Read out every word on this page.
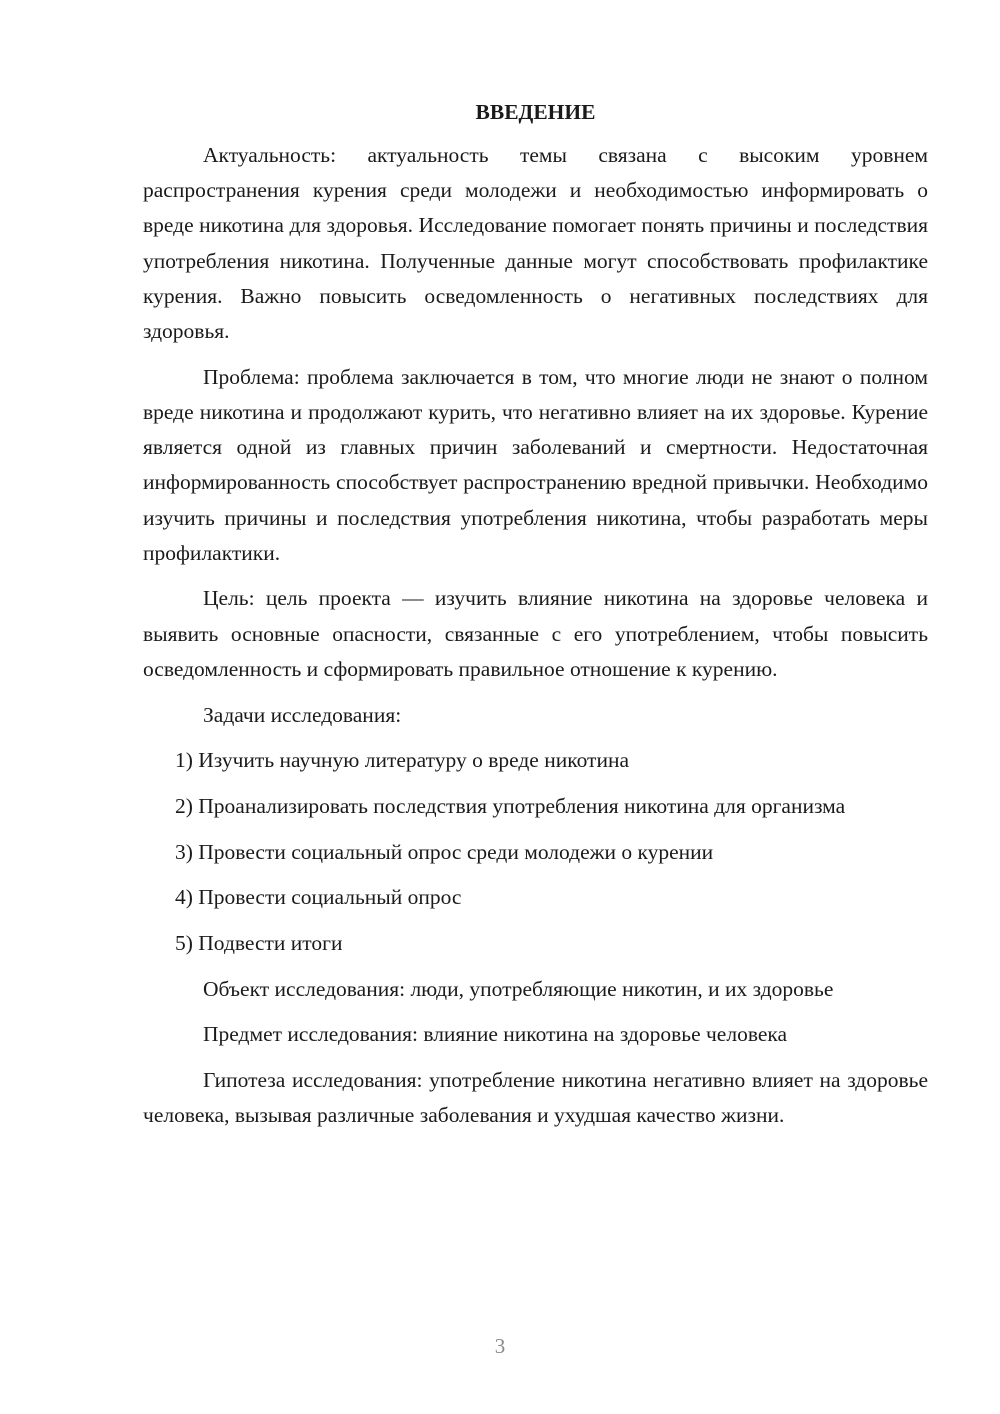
ВВЕДЕНИЕ

Актуальность: актуальность темы связана с высоким уровнем распространения курения среди молодежи и необходимостью информировать о вреде никотина для здоровья. Исследование помогает понять причины и последствия употребления никотина. Полученные данные могут способствовать профилактике курения. Важно повысить осведомленность о негативных последствиях для здоровья.

Проблема: проблема заключается в том, что многие люди не знают о полном вреде никотина и продолжают курить, что негативно влияет на их здоровье. Курение является одной из главных причин заболеваний и смертности. Недостаточная информированность способствует распространению вредной привычки. Необходимо изучить причины и последствия употребления никотина, чтобы разработать меры профилактики.

Цель: цель проекта — изучить влияние никотина на здоровье человека и выявить основные опасности, связанные с его употреблением, чтобы повысить осведомленность и сформировать правильное отношение к курению.

Задачи исследования:

1) Изучить научную литературу о вреде никотина

2) Проанализировать последствия употребления никотина для организма

3) Провести социальный опрос среди молодежи о курении

4) Провести социальный опрос

5) Подвести итоги

Объект исследования: люди, употребляющие никотин, и их здоровье

Предмет исследования: влияние никотина на здоровье человека

Гипотеза исследования: употребление никотина негативно влияет на здоровье человека, вызывая различные заболевания и ухудшая качество жизни.

3
